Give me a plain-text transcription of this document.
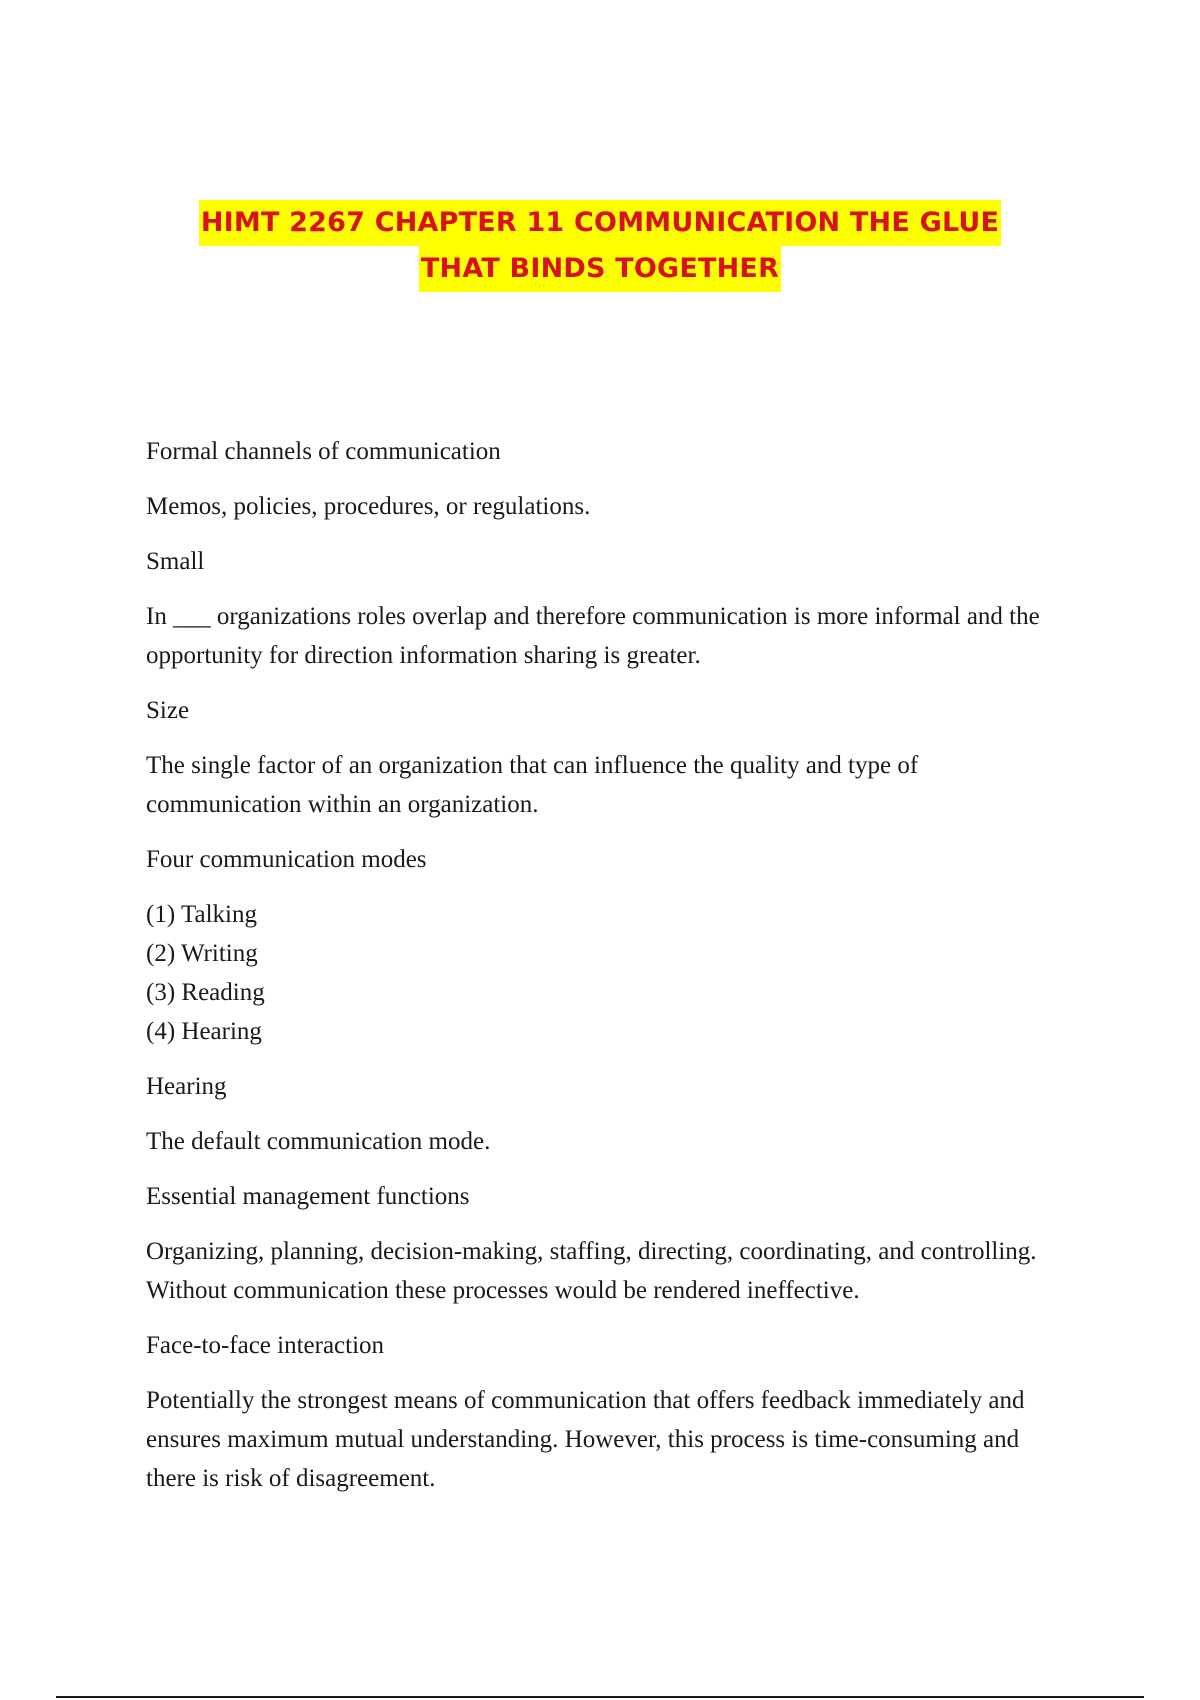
HIMT 2267 CHAPTER 11 COMMUNICATION THE GLUE
THAT BINDS TOGETHER

Formal channels of communication

Memos, policies, procedures, or regulations.

Small

In ___ organizations roles overlap and therefore communication is more informal and the opportunity for direction information sharing is greater.

Size

The single factor of an organization that can influence the quality and type of communication within an organization.

Four communication modes

(1) Talking
(2) Writing
(3) Reading
(4) Hearing

Hearing

The default communication mode.

Essential management functions

Organizing, planning, decision-making, staffing, directing, coordinating, and controlling. Without communication these processes would be rendered ineffective.

Face-to-face interaction

Potentially the strongest means of communication that offers feedback immediately and ensures maximum mutual understanding. However, this process is time-consuming and there is risk of disagreement.
